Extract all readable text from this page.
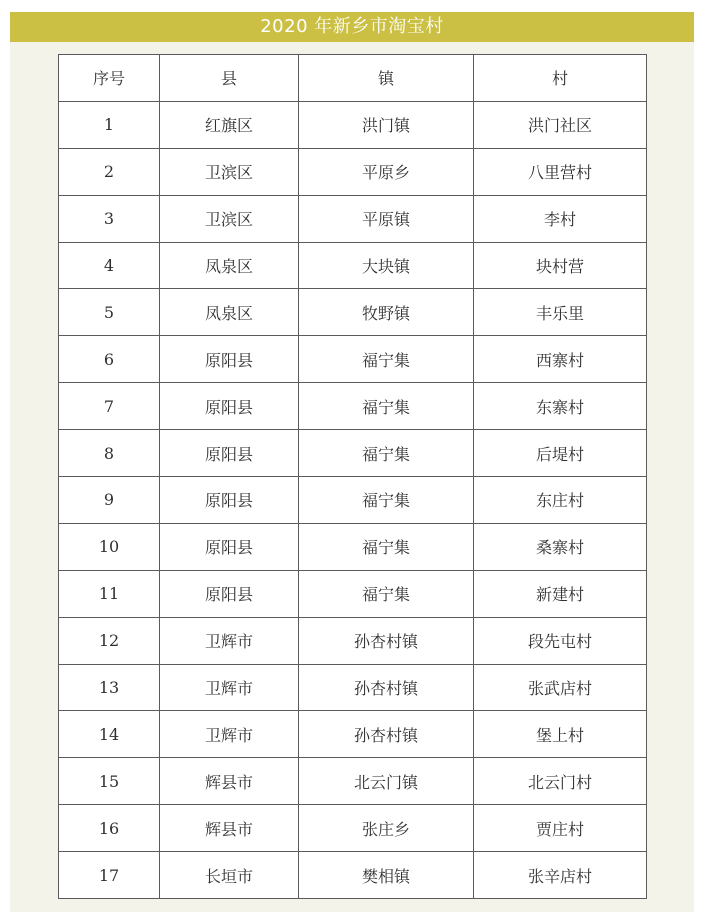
2020 年新乡市淘宝村
序号	县	镇	村
1	红旗区	洪门镇	洪门社区
2	卫滨区	平原乡	八里营村
3	卫滨区	平原镇	李村
4	凤泉区	大块镇	块村营
5	凤泉区	牧野镇	丰乐里
6	原阳县	福宁集	西寨村
7	原阳县	福宁集	东寨村
8	原阳县	福宁集	后堤村
9	原阳县	福宁集	东庄村
10	原阳县	福宁集	桑寨村
11	原阳县	福宁集	新建村
12	卫辉市	孙杏村镇	段先屯村
13	卫辉市	孙杏村镇	张武店村
14	卫辉市	孙杏村镇	堡上村
15	辉县市	北云门镇	北云门村
16	辉县市	张庄乡	贾庄村
17	长垣市	樊相镇	张辛店村
